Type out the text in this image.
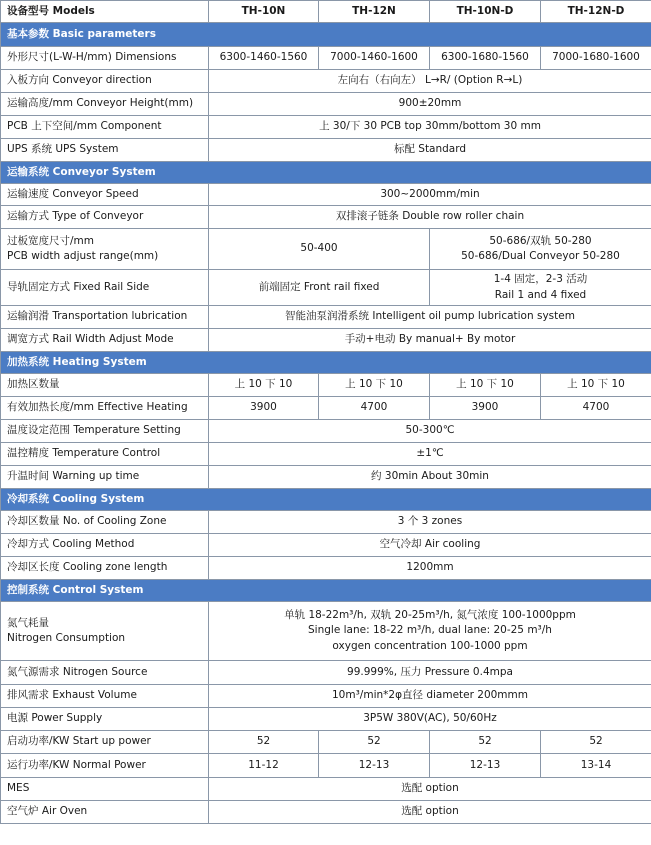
设备型号 Models	TH-10N	TH-12N	TH-10N-D	TH-12N-D
基本参数 Basic parameters				
外形尺寸(L-W-H/mm) Dimensions	6300-1460-1560	7000-1460-1600	6300-1680-1560	7000-1680-1600
入板方向 Conveyor direction	左向右（右向左） L→R/ (Option R→L)			
运输高度/mm Conveyor Height(mm)	900±20mm			
PCB 上下空间/mm Component	上 30/下 30 PCB top 30mm/bottom 30 mm			
UPS 系统 UPS System	标配 Standard			
运输系统 Conveyor System				
运输速度 Conveyor Speed	300~2000mm/min			
运输方式 Type of Conveyor	双排滚子链条 Double row roller chain			
过板宽度尺寸/mm
PCB width adjust range(mm)	50-400		50-686/双轨 50-280
50-686/Dual Conveyor 50-280	
导轨固定方式 Fixed Rail Side	前端固定 Front rail fixed		1-4 固定，2-3 活动
Rail 1 and 4 fixed	
运输润滑 Transportation lubrication	智能油泵润滑系统 Intelligent oil pump lubrication system			
调宽方式 Rail Width Adjust Mode	手动+电动 By manual+ By motor			
加热系统 Heating System				
加热区数量	上 10 下 10	上 10 下 10	上 10 下 10	上 10 下 10
有效加热长度/mm Effective Heating	3900	4700	3900	4700
温度设定范围 Temperature Setting	50-300℃			
温控精度 Temperature Control	±1℃			
升温时间 Warning up time	约 30min About 30min			
冷却系统 Cooling System				
冷却区数量 No. of Cooling Zone	3 个 3 zones			
冷却方式 Cooling Method	空气冷却 Air cooling			
冷却区长度 Cooling zone length	1200mm			
控制系统 Control System				
氮气耗量
Nitrogen Consumption	单轨 18-22m³/h, 双轨 20-25m³/h, 氮气浓度 100-1000ppm
Single lane: 18-22 m³/h, dual lane: 20-25 m³/h
oxygen concentration 100-1000 ppm			
氮气源需求 Nitrogen Source	99.999%, 压力 Pressure 0.4mpa			
排风需求 Exhaust Volume	10m³/min*2φ直径 diameter 200mmm			
电源 Power Supply	3P5W 380V(AC), 50/60Hz			
启动功率/KW Start up power	52	52	52	52
运行功率/KW Normal Power	11-12	12-13	12-13	13-14
MES	选配 option			
空气炉 Air Oven	选配 option			
